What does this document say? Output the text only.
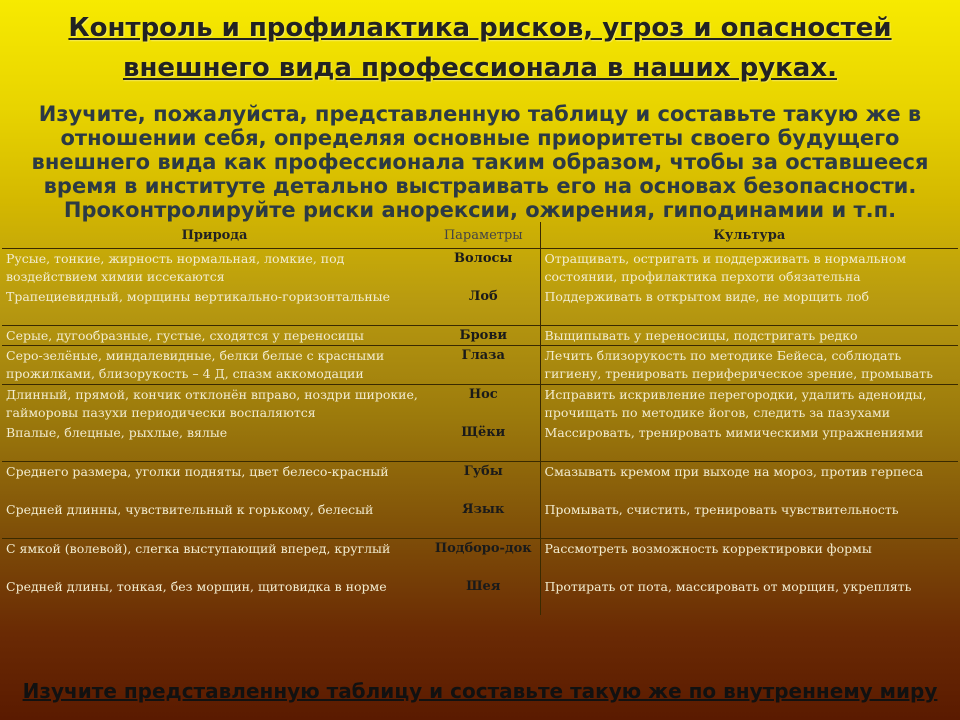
Контроль и профилактика рисков, угроз и опасностей
внешнего вида профессионала в наших руках.
Изучите, пожалуйста, представленную таблицу и составьте такую же в
отношении себя, определяя основные приоритеты своего будущего
внешнего вида как профессионала таким образом, чтобы за оставшееся
время в институте детально выстраивать его на основах безопасности.
Проконтролируйте риски анорексии, ожирения, гиподинамии и т.п.
Природа	Параметры	Культура
Русые, тонкие, жирность нормальная, ломкие, под воздействием химии иссекаются	Волосы	Отращивать, остригать и поддерживать в нормальном состоянии, профилактика перхоти обязательна
Трапециевидный, морщины вертикально-горизонтальные	Лоб	Поддерживать в открытом виде, не морщить лоб
Серые, дугообразные, густые, сходятся у переносицы	Брови	Выщипывать у переносицы, подстригать редко
Серо-зелёные, миндалевидные, белки белые с красными прожилками, близорукость – 4 Д, спазм аккомодации	Глаза	Лечить близорукость по методике Бейеса, соблюдать гигиену, тренировать периферическое зрение, промывать
Длинный, прямой, кончик отклонён вправо, ноздри широкие, гайморовы пазухи периодически воспаляются	Нос	Исправить искривление перегородки, удалить аденоиды, прочищать по методике йогов, следить за пазухами
Впалые, блецные, рыхлые, вялые	Щёки	Массировать, тренировать мимическими упражнениями
Среднего размера, уголки подняты, цвет белесо-красный	Губы	Смазывать кремом при выходе на мороз, против герпеса
Средней длинны, чувствительный к горькому, белесый	Язык	Промывать, счистить, тренировать чувствительность
С ямкой (волевой), слегка выступающий вперед, круглый	Подборо-док	Рассмотреть возможность корректировки формы
Средней длины, тонкая, без морщин, щитовидка в норме	Шея	Протирать от пота, массировать от морщин, укреплять
Изучите представленную таблицу и составьте такую же по внутреннему миру
